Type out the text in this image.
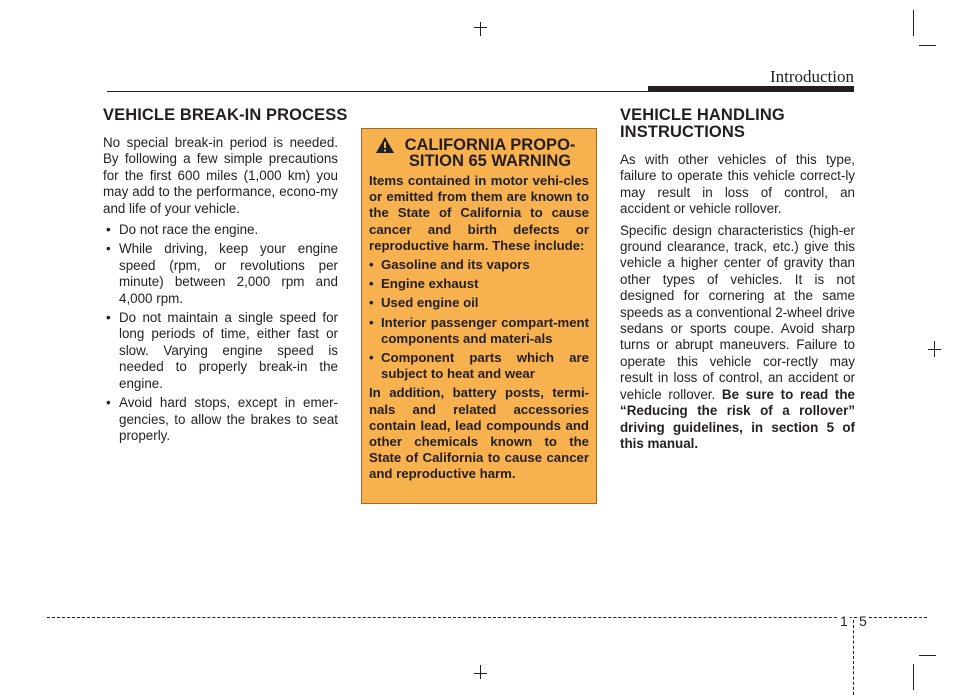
Introduction
VEHICLE BREAK-IN PROCESS

No special break-in period is needed. By following a few simple precautions for the first 600 miles (1,000 km) you may add to the performance, econo-my and life of your vehicle.

• Do not race the engine.
• While driving, keep your engine speed (rpm, or revolutions per minute) between 2,000 rpm and 4,000 rpm.
• Do not maintain a single speed for long periods of time, either fast or slow. Varying engine speed is needed to properly break-in the engine.
• Avoid hard stops, except in emer-gencies, to allow the brakes to seat properly.
CALIFORNIA PROPO-SITION 65 WARNING

Items contained in motor vehi-cles or emitted from them are known to the State of California to cause cancer and birth defects or reproductive harm. These include:

• Gasoline and its vapors
• Engine exhaust
• Used engine oil
• Interior passenger compart-ment components and materi-als
• Component parts which are subject to heat and wear

In addition, battery posts, termi-nals and related accessories contain lead, lead compounds and other chemicals known to the State of California to cause cancer and reproductive harm.

VEHICLE HANDLING INSTRUCTIONS

As with other vehicles of this type, failure to operate this vehicle correct-ly may result in loss of control, an accident or vehicle rollover.

Specific design characteristics (high-er ground clearance, track, etc.) give this vehicle a higher center of gravity than other types of vehicles. It is not designed for cornering at the same speeds as a conventional 2-wheel drive sedans or sports coupe. Avoid sharp turns or abrupt maneuvers. Failure to operate this vehicle cor-rectly may result in loss of control, an accident or vehicle rollover. Be sure to read the “Reducing the risk of a rollover” driving guidelines, in section 5 of this manual.

1 5
